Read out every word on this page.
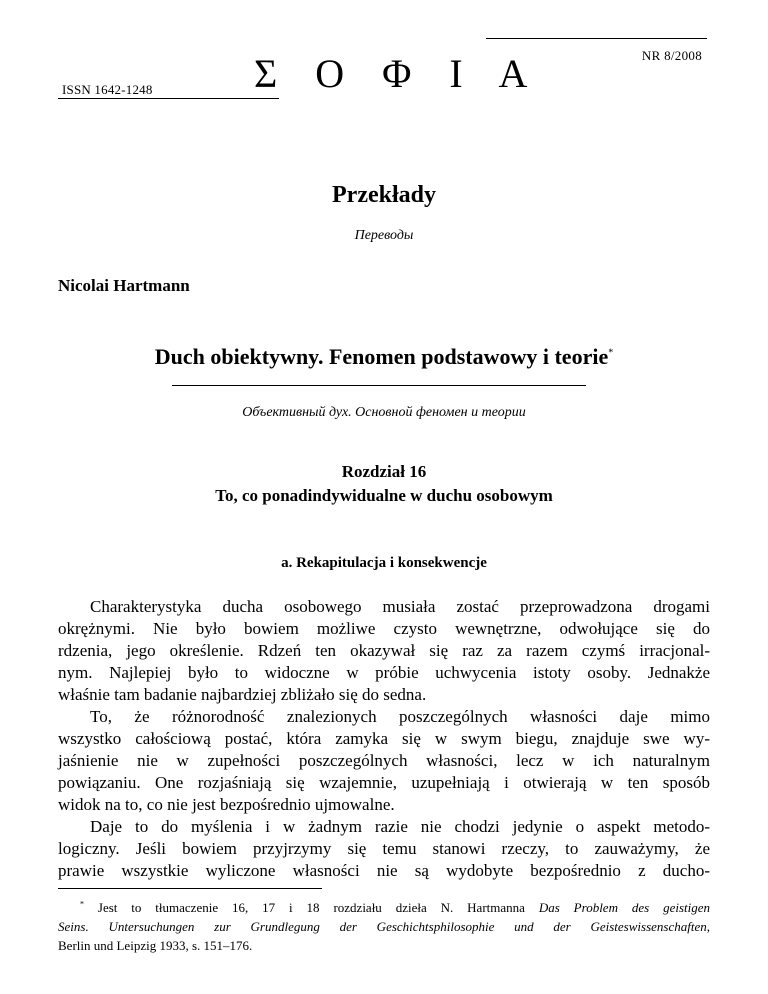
NR 8/2008
Σ Ο Φ Ι Α
ISSN 1642-1248
Przekłady
Переводы
Nicolai Hartmann
Duch obiektywny. Fenomen podstawowy i teorie*
Объективный дух. Основной феномен и теории
Rozdział 16
To, co ponadindywidualne w duchu osobowym
a. Rekapitulacja i konsekwencje
Charakterystyka ducha osobowego musiała zostać przeprowadzona drogami
okrężnymi. Nie było bowiem możliwe czysto wewnętrzne, odwołujące się do
rdzenia, jego określenie. Rdzeń ten okazywał się raz za razem czymś irracjonal-
nym. Najlepiej było to widoczne w próbie uchwycenia istoty osoby. Jednakże
właśnie tam badanie najbardziej zbliżało się do sedna.
To, że różnorodność znalezionych poszczególnych własności daje mimo
wszystko całościową postać, która zamyka się w swym biegu, znajduje swe wy-
jaśnienie nie w zupełności poszczególnych własności, lecz w ich naturalnym
powiązaniu. One rozjaśniają się wzajemnie, uzupełniają i otwierają w ten sposób
widok na to, co nie jest bezpośrednio ujmowalne.
Daje to do myślenia i w żadnym razie nie chodzi jedynie o aspekt metodo-
logiczny. Jeśli bowiem przyjrzymy się temu stanowi rzeczy, to zauważymy, że
prawie wszystkie wyliczone własności nie są wydobyte bezpośrednio z ducho-
* Jest to tłumaczenie 16, 17 i 18 rozdziału dzieła N. Hartmanna Das Problem des geistigen
Seins. Untersuchungen zur Grundlegung der Geschichtsphilosophie und der Geisteswissenschaften,
Berlin und Leipzig 1933, s. 151–176.
